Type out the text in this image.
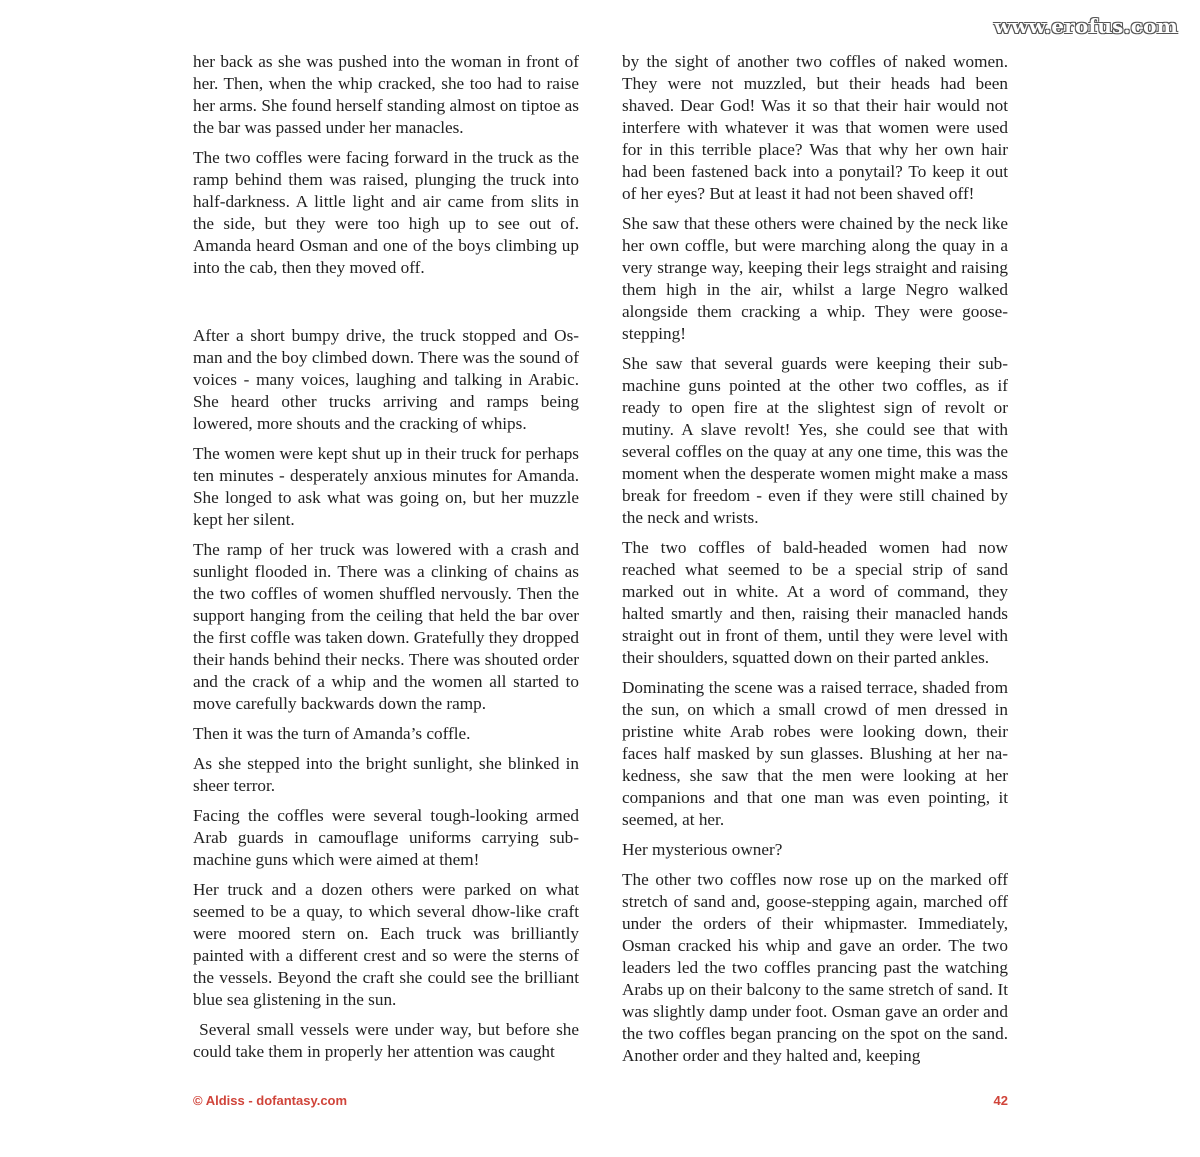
www.erofus.com

her back as she was pushed into the woman in front of her. Then, when the whip cracked, she too had to raise her arms. She found herself standing almost on tiptoe as the bar was passed under her manacles.

The two coffles were facing forward in the truck as the ramp behind them was raised, plunging the truck into half-darkness. A little light and air came from slits in the side, but they were too high up to see out of. Amanda heard Osman and one of the boys climbing up into the cab, then they moved off.

After a short bumpy drive, the truck stopped and Osman and the boy climbed down. There was the sound of voices - many voices, laughing and talking in Arabic. She heard other trucks arriving and ramps being lowered, more shouts and the cracking of whips.

The women were kept shut up in their truck for perhaps ten minutes - desperately anxious minutes for Amanda. She longed to ask what was going on, but her muzzle kept her silent.

The ramp of her truck was lowered with a crash and sunlight flooded in. There was a clinking of chains as the two coffles of women shuffled nervously. Then the support hanging from the ceiling that held the bar over the first coffle was taken down. Gratefully they dropped their hands behind their necks. There was shouted order and the crack of a whip and the women all started to move carefully backwards down the ramp.

Then it was the turn of Amanda’s coffle.

As she stepped into the bright sunlight, she blinked in sheer terror.

Facing the coffles were several tough-looking armed Arab guards in camouflage uniforms carrying submachine guns which were aimed at them!

Her truck and a dozen others were parked on what seemed to be a quay, to which several dhow-like craft were moored stern on. Each truck was brilliantly painted with a different crest and so were the sterns of the vessels. Beyond the craft she could see the brilliant blue sea glistening in the sun.

Several small vessels were under way, but before she could take them in properly her attention was caught

by the sight of another two coffles of naked women. They were not muzzled, but their heads had been shaved. Dear God! Was it so that their hair would not interfere with whatever it was that women were used for in this terrible place? Was that why her own hair had been fastened back into a ponytail? To keep it out of her eyes? But at least it had not been shaved off!

She saw that these others were chained by the neck like her own coffle, but were marching along the quay in a very strange way, keeping their legs straight and raising them high in the air, whilst a large Negro walked alongside them cracking a whip. They were goose-stepping!

She saw that several guards were keeping their submachine guns pointed at the other two coffles, as if ready to open fire at the slightest sign of revolt or mutiny. A slave revolt! Yes, she could see that with several coffles on the quay at any one time, this was the moment when the desperate women might make a mass break for freedom - even if they were still chained by the neck and wrists.

The two coffles of bald-headed women had now reached what seemed to be a special strip of sand marked out in white. At a word of command, they halted smartly and then, raising their manacled hands straight out in front of them, until they were level with their shoulders, squatted down on their parted ankles.

Dominating the scene was a raised terrace, shaded from the sun, on which a small crowd of men dressed in pristine white Arab robes were looking down, their faces half masked by sun glasses. Blushing at her nakedness, she saw that the men were looking at her companions and that one man was even pointing, it seemed, at her.

Her mysterious owner?

The other two coffles now rose up on the marked off stretch of sand and, goose-stepping again, marched off under the orders of their whipmaster. Immediately, Osman cracked his whip and gave an order. The two leaders led the two coffles prancing past the watching Arabs up on their balcony to the same stretch of sand. It was slightly damp under foot. Osman gave an order and the two coffles began prancing on the spot on the sand. Another order and they halted and, keeping

© Aldiss - dofantasy.com	42
